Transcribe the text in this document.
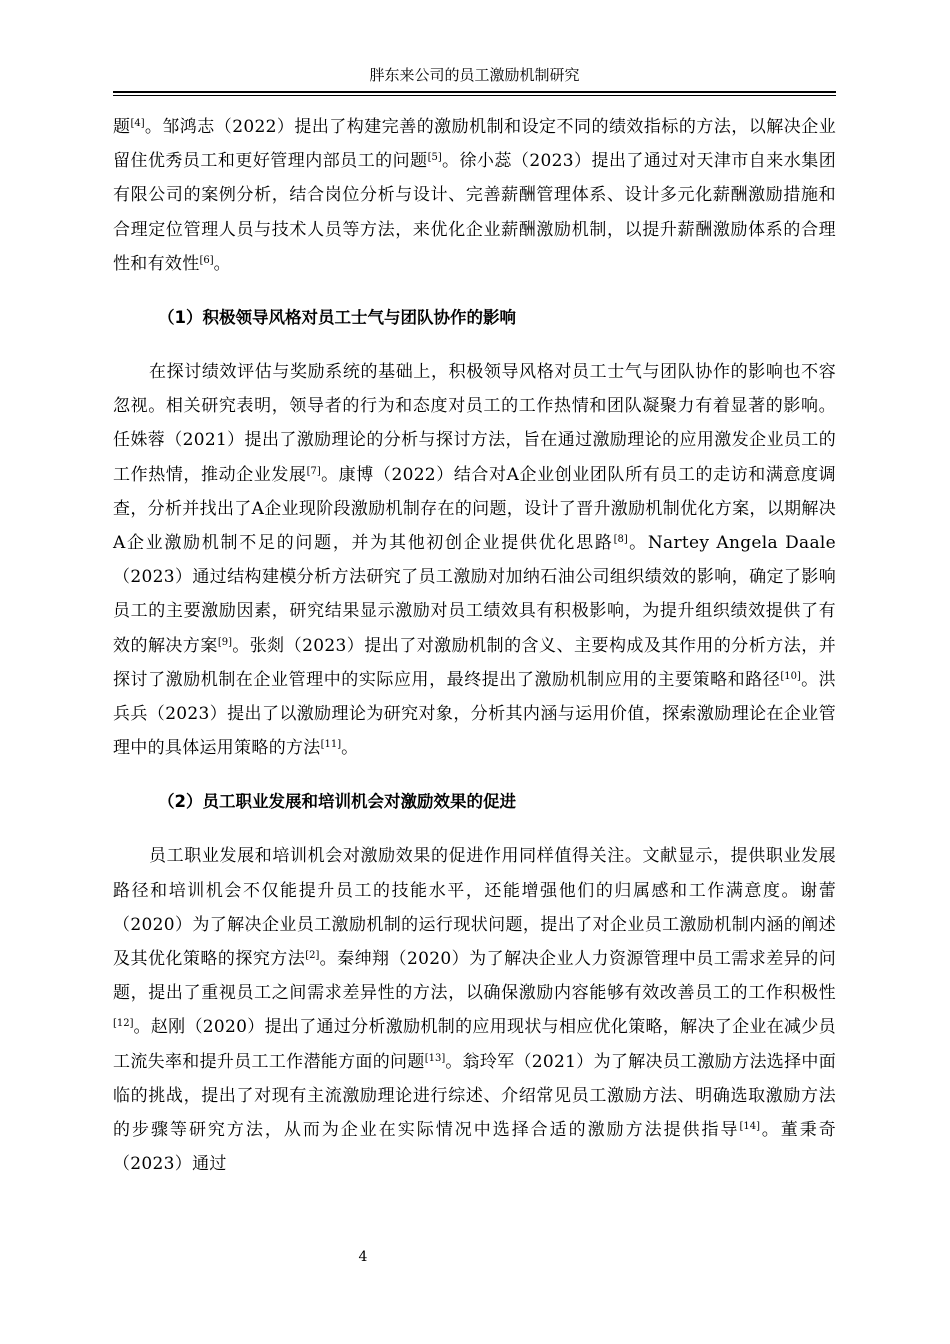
胖东来公司的员工激励机制研究

题[4]。邹鸿志（2022）提出了构建完善的激励机制和设定不同的绩效指标的方法，以解决企业留住优秀员工和更好管理内部员工的问题[5]。徐小蕊（2023）提出了通过对天津市自来水集团有限公司的案例分析，结合岗位分析与设计、完善薪酬管理体系、设计多元化薪酬激励措施和合理定位管理人员与技术人员等方法，来优化企业薪酬激励机制，以提升薪酬激励体系的合理性和有效性[6]。

（1）积极领导风格对员工士气与团队协作的影响

在探讨绩效评估与奖励系统的基础上，积极领导风格对员工士气与团队协作的影响也不容忽视。相关研究表明，领导者的行为和态度对员工的工作热情和团队凝聚力有着显著的影响。任姝蓉（2021）提出了激励理论的分析与探讨方法，旨在通过激励理论的应用激发企业员工的工作热情，推动企业发展[7]。康博（2022）结合对A企业创业团队所有员工的走访和满意度调查，分析并找出了A企业现阶段激励机制存在的问题，设计了晋升激励机制优化方案，以期解决A企业激励机制不足的问题，并为其他初创企业提供优化思路[8]。Nartey Angela Daale（2023）通过结构建模分析方法研究了员工激励对加纳石油公司组织绩效的影响，确定了影响员工的主要激励因素，研究结果显示激励对员工绩效具有积极影响，为提升组织绩效提供了有效的解决方案[9]。张剡（2023）提出了对激励机制的含义、主要构成及其作用的分析方法，并探讨了激励机制在企业管理中的实际应用，最终提出了激励机制应用的主要策略和路径[10]。洪兵兵（2023）提出了以激励理论为研究对象，分析其内涵与运用价值，探索激励理论在企业管理中的具体运用策略的方法[11]。

（2）员工职业发展和培训机会对激励效果的促进

员工职业发展和培训机会对激励效果的促进作用同样值得关注。文献显示，提供职业发展路径和培训机会不仅能提升员工的技能水平，还能增强他们的归属感和工作满意度。谢蕾（2020）为了解决企业员工激励机制的运行现状问题，提出了对企业员工激励机制内涵的阐述及其优化策略的探究方法[2]。秦绅翔（2020）为了解决企业人力资源管理中员工需求差异的问题，提出了重视员工之间需求差异性的方法，以确保激励内容能够有效改善员工的工作积极性[12]。赵刚（2020）提出了通过分析激励机制的应用现状与相应优化策略，解决了企业在减少员工流失率和提升员工工作潜能方面的问题[13]。翁玲军（2021）为了解决员工激励方法选择中面临的挑战，提出了对现有主流激励理论进行综述、介绍常见员工激励方法、明确选取激励方法的步骤等研究方法，从而为企业在实际情况中选择合适的激励方法提供指导[14]。董秉奇（2023）通过

4
